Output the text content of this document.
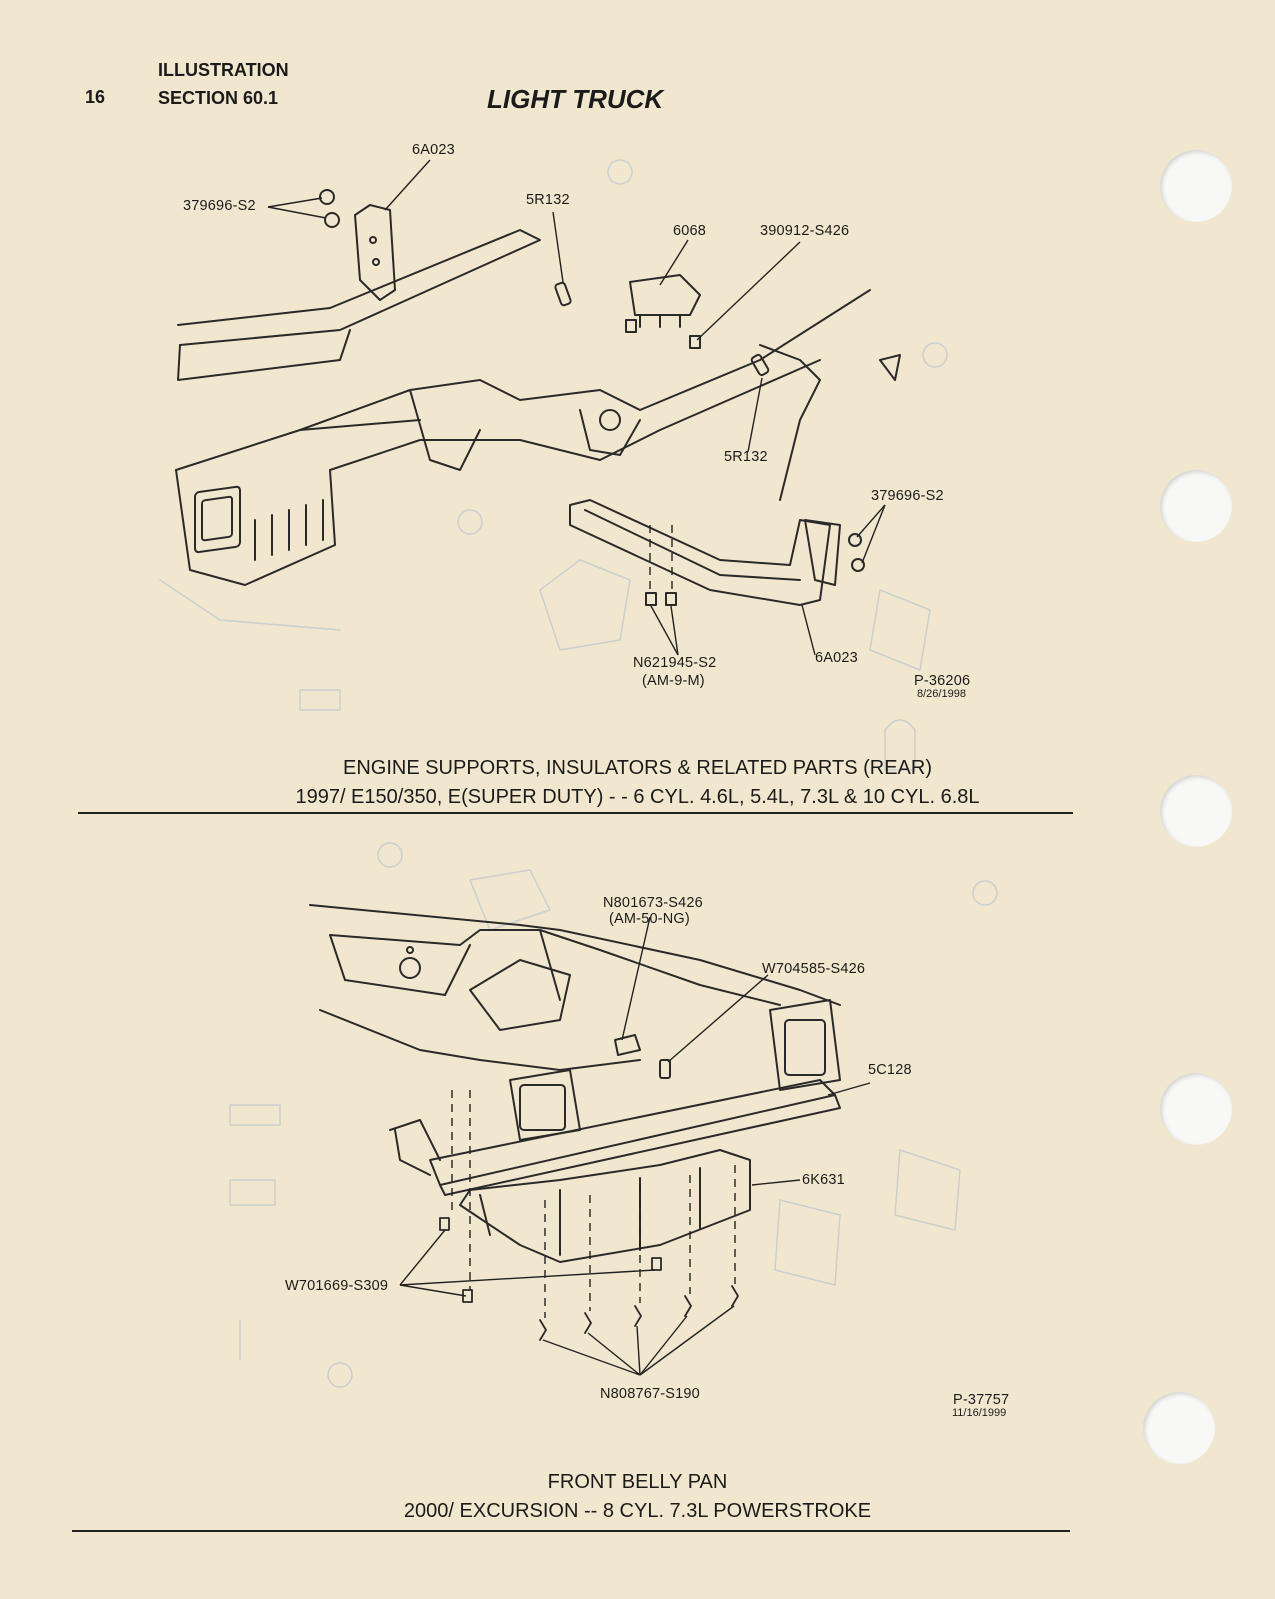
16
ILLUSTRATION
SECTION 60.1	LIGHT TRUCK
6A023
379696-S2	5R132
6068	390912-S426
5R132
379696-S2
N621945-S2
(AM-9-M)
6A023
P-36206
8/26/1998
ENGINE SUPPORTS, INSULATORS & RELATED PARTS (REAR)
1997/ E150/350, E(SUPER DUTY) - - 6 CYL. 4.6L, 5.4L, 7.3L & 10 CYL. 6.8L
N801673-S426
(AM-50-NG)
W704585-S426
5C128
6K631
W701669-S309
N808767-S190	P-37757
11/16/1999
FRONT BELLY PAN
2000/ EXCURSION -- 8 CYL. 7.3L POWERSTROKE
